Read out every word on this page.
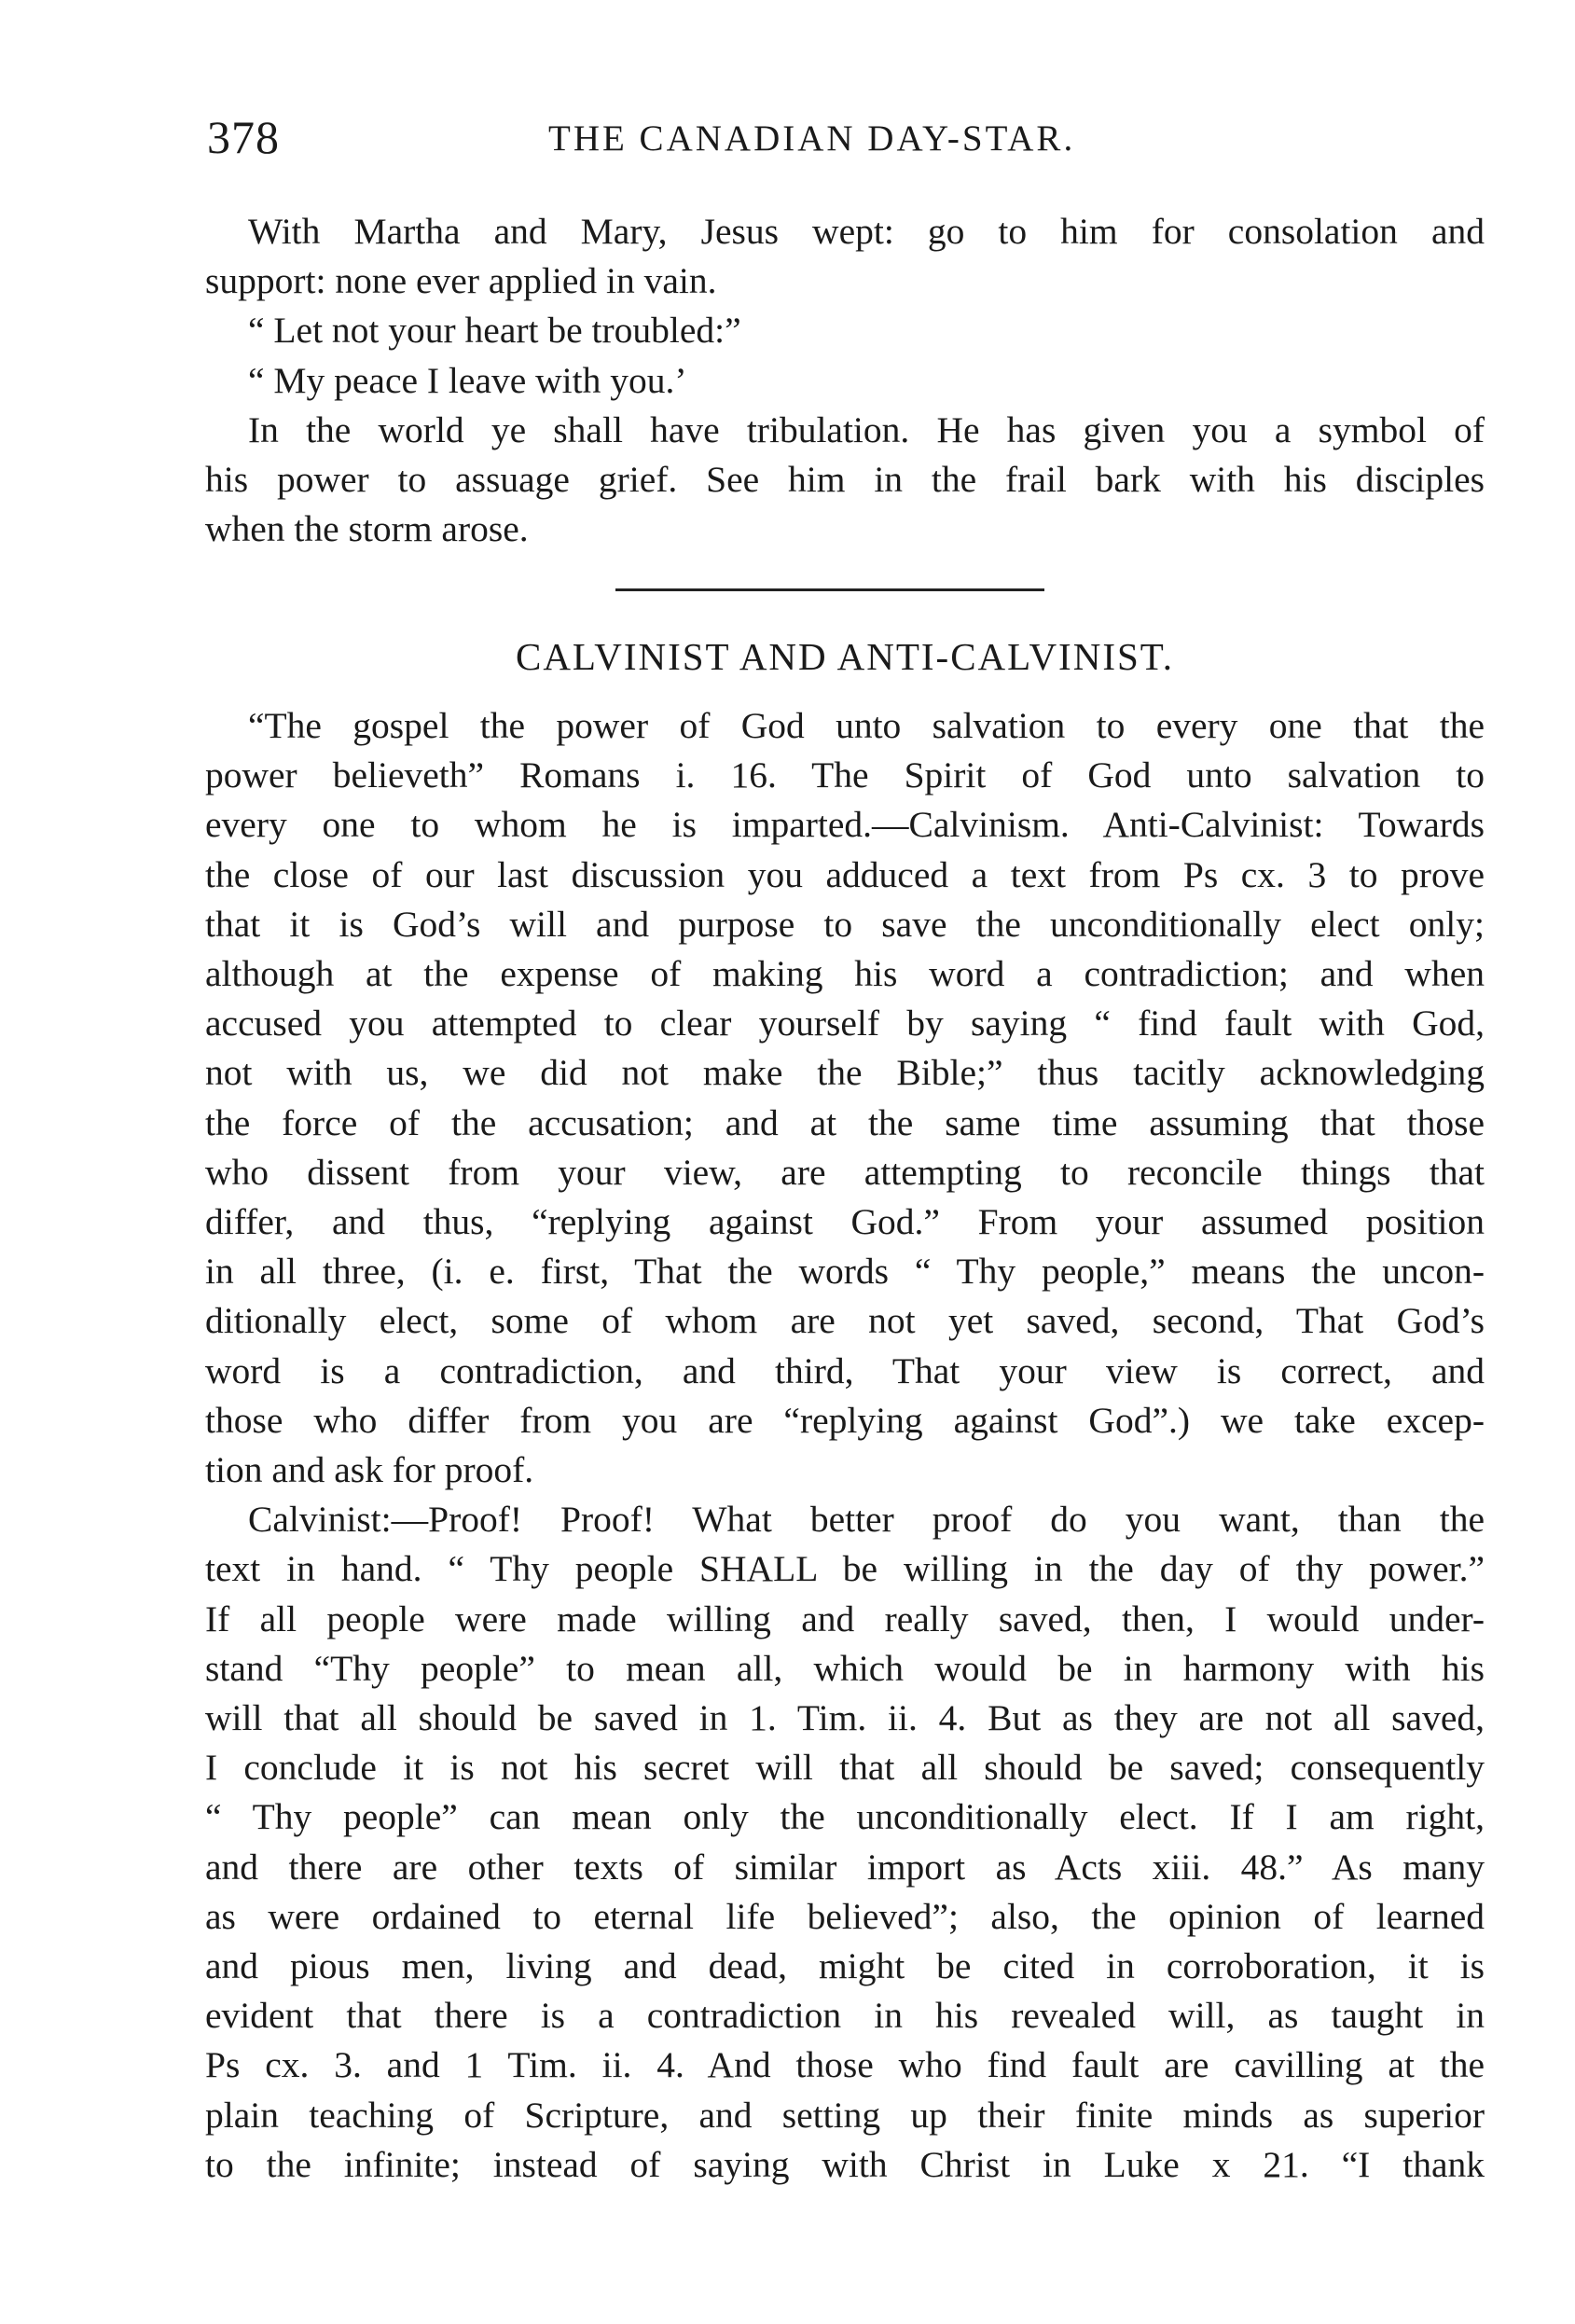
378	THE CANADIAN DAY-STAR.
With Martha and Mary, Jesus wept: go to him for consolation and
support: none ever applied in vain.
“ Let not your heart be troubled:”
“ My peace I leave with you.’
In the world ye shall have tribulation. He has given you a symbol of
his power to assuage grief. See him in the frail bark with his disciples
when the storm arose.
CALVINIST AND ANTI-CALVINIST.
“The gospel the power of God unto salvation to every one that the
power believeth” Romans i. 16. The Spirit of God unto salvation to
every one to whom he is imparted.—Calvinism. Anti-Calvinist: Towards
the close of our last discussion you adduced a text from Ps cx. 3 to prove
that it is God’s will and purpose to save the unconditionally elect only;
although at the expense of making his word a contradiction; and when
accused you attempted to clear yourself by saying “ find fault with God,
not with us, we did not make the Bible;” thus tacitly acknowledging
the force of the accusation; and at the same time assuming that those
who dissent from your view, are attempting to reconcile things that
differ, and thus, “replying against God.” From your assumed position
in all three, (i. e. first, That the words “ Thy people,” means the uncon-
ditionally elect, some of whom are not yet saved, second, That God’s
word is a contradiction, and third, That your view is correct, and
those who differ from you are “replying against God”.) we take excep-
tion and ask for proof.
Calvinist:—Proof! Proof! What better proof do you want, than the
text in hand. “ Thy people SHALL be willing in the day of thy power.”
If all people were made willing and really saved, then, I would under-
stand “Thy people” to mean all, which would be in harmony with his
will that all should be saved in 1. Tim. ii. 4. But as they are not all saved,
I conclude it is not his secret will that all should be saved; consequently
“ Thy people” can mean only the unconditionally elect. If I am right,
and there are other texts of similar import as Acts xiii. 48.” As many
as were ordained to eternal life believed”; also, the opinion of learned
and pious men, living and dead, might be cited in corroboration, it is
evident that there is a contradiction in his revealed will, as taught in
Ps cx. 3. and 1 Tim. ii. 4. And those who find fault are cavilling at the
plain teaching of Scripture, and setting up their finite minds as superior
to the infinite; instead of saying with Christ in Luke x 21. “I thank
